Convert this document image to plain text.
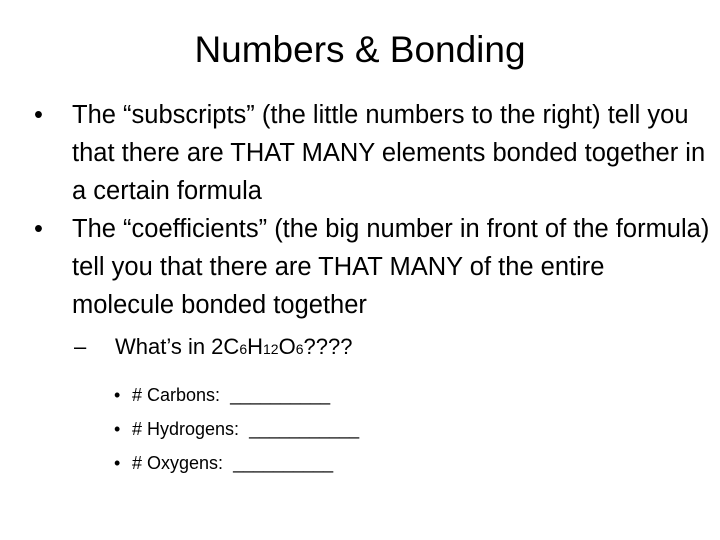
Numbers & Bonding

• The “subscripts” (the little numbers to the right) tell you that there are THAT MANY elements bonded together in a certain formula

• The “coefficients” (the big number in front of the formula) tell you that there are THAT MANY of the entire molecule bonded together

– What’s in 2C6H12O6????
• # Carbons: __________
• # Hydrogens: ___________
• # Oxygens: __________
